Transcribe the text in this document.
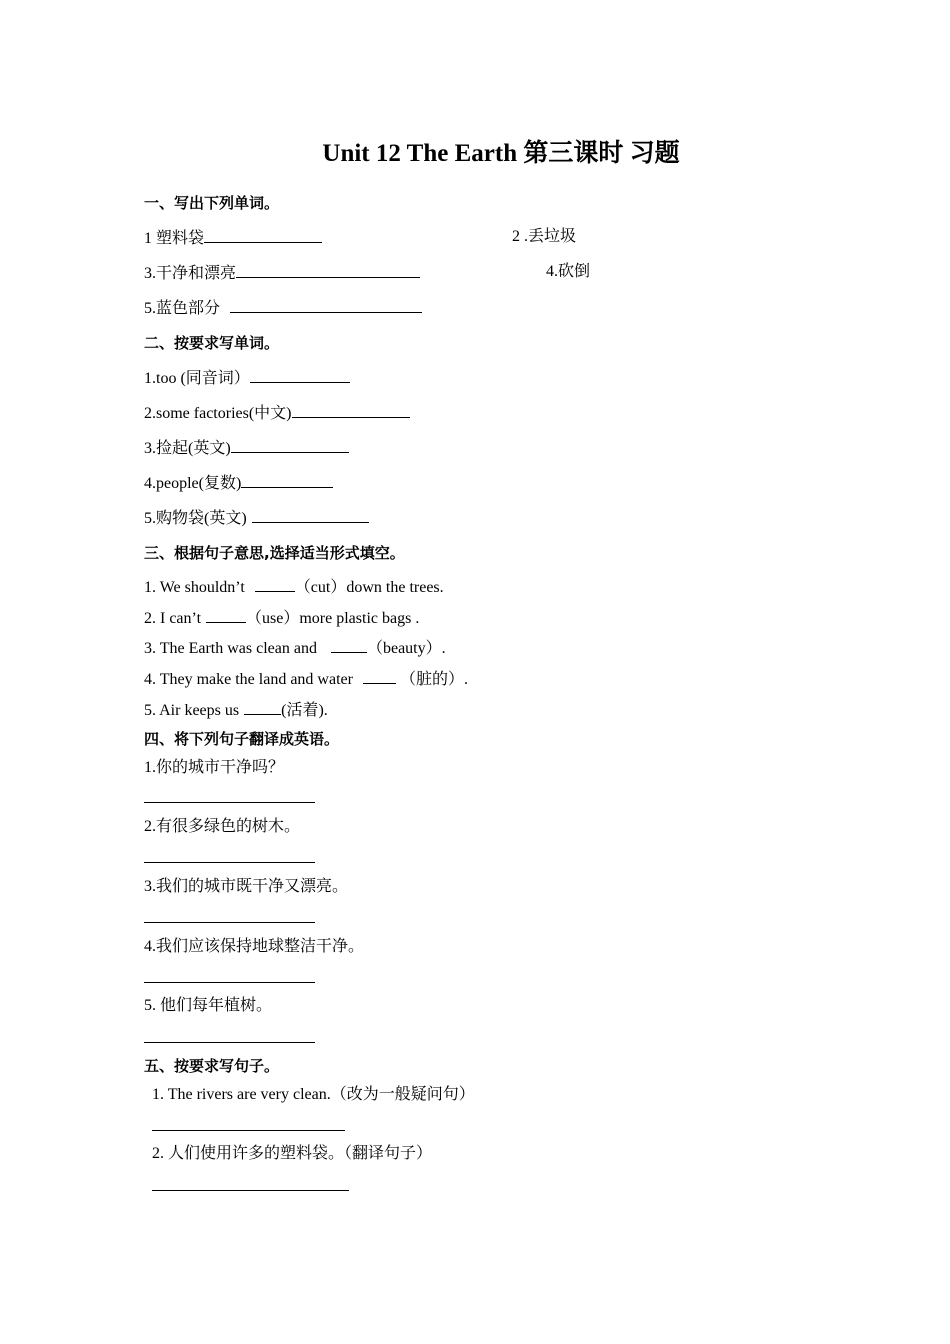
Unit 12 The Earth 第三课时 习题
一、写出下列单词。
1 塑料袋	2 .丢垃圾
3.干净和漂亮	4.砍倒
5.蓝色部分
二、按要求写单词。
1.too (同音词）
2.some factories(中文)
3.捡起(英文)
4.people(复数)
5.购物袋(英文)
三、根据句子意思,选择适当形式填空。
1. We shouldn’t	（cut）down the trees.
2. I can’t	（use）more plastic bags .
3. The Earth was clean and	（beauty）.
4. They make the land and water	（脏的）.
5. Air keeps us	(活着).
四、将下列句子翻译成英语。
1.你的城市干净吗？
2.有很多绿色的树木。
3.我们的城市既干净又漂亮。
4.我们应该保持地球整洁干净。
5. 他们每年植树。
五、按要求写句子。
1. The rivers are very clean.（改为一般疑问句）
2. 人们使用许多的塑料袋。（翻译句子）
